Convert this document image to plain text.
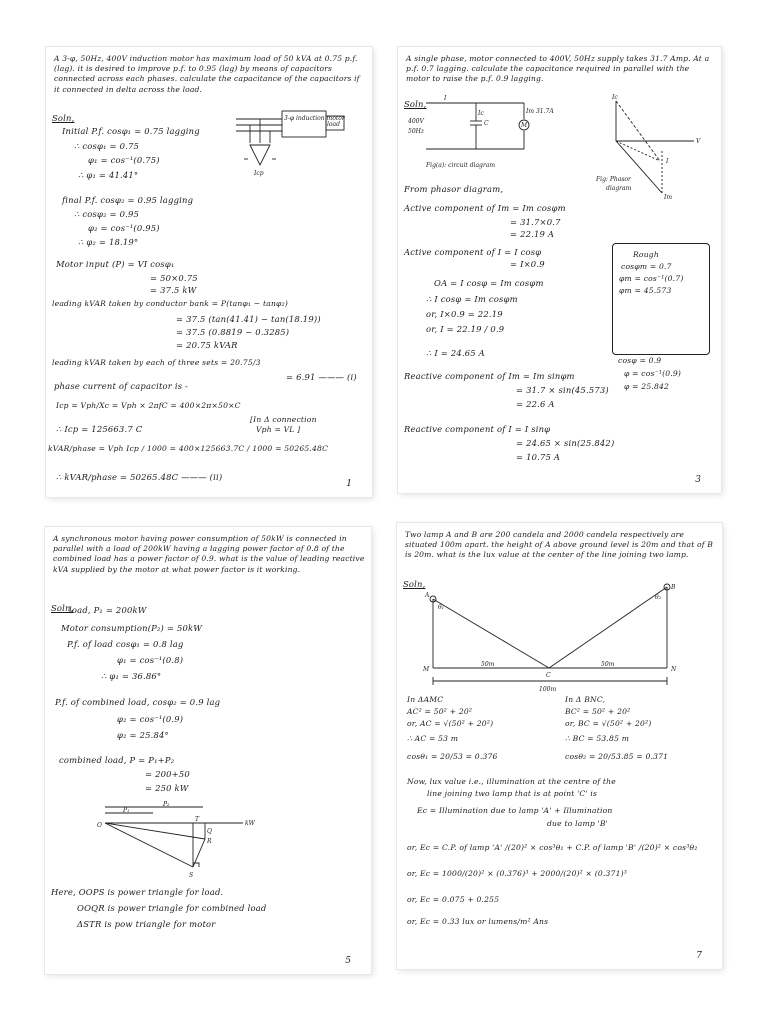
A 3-φ, 50Hz, 400V induction motor has maximum load of 50 kVA at 0.75 p.f.(lag). it is desired to improve p.f. to 0.95 (lag) by means of capacitors connected across each phases. calculate the capacitance of the capacitors if it connected in delta across the load.
Soln,
Initial P.f. cosφ₁ = 0.75 lagging
∴ cosφ₁ = 0.75
φ₁ = cos⁻¹(0.75)
∴ φ₁ = 41.41°
final P.f. cosφ₂ = 0.95 lagging
∴ cosφ₂ = 0.95
φ₂ = cos⁻¹(0.95)
∴ φ₂ = 18.19°
Motor input (P) = VI cosφ₁
= 50×0.75
= 37.5 kW
leading kVAR taken by conductor bank = P(tanφ₁ − tanφ₂)
= 37.5 (tan(41.41) − tan(18.19))
= 37.5 (0.8819 − 0.3285)
= 20.75 kVAR
leading kVAR taken by each of three sets = 20.75/3
= 6.91 ——— (i)
phase current of capacitor is -
Icp = Vph/Xc = Vph × 2πfC = 400×2π×50×C
[In Δ connection
Vph = VL ]
∴ Icp = 125663.7 C
kVAR/phase = Vph Icp / 1000 = 400×125663.7C / 1000 = 50265.48C
∴ kVAR/phase = 50265.48C ——— (ii)
3-φ induction motor
load
Icp
1
A single phase, motor connected to 400V, 50Hz supply takes 31.7 Amp. At a p.f. 0.7 lagging. calculate the capacitance required in parallel with the motor to raise the p.f. 0.9 lagging.
Soln,
I
Ic	Im 31.7A
400V
50Hz
C	M
Fig(a): circuit diagram
Ic
V
I
Im
Fig: Phasor
diagram
From phasor diagram,
Active component of Im = Im cosφm
= 31.7×0.7
= 22.19 A
Active component of I = I cosφ
= I×0.9
OA = I cosφ = Im cosφm
∴ I cosφ = Im cosφm
or, I×0.9 = 22.19
or, I = 22.19 / 0.9
∴ I = 24.65 A
Reactive component of Im = Im sinφm
= 31.7 × sin(45.573)
= 22.6 A
Reactive component of I = I sinφ
= 24.65 × sin(25.842)
= 10.75 A
Rough
cosφm = 0.7
φm = cos⁻¹(0.7)
φm = 45.573
cosφ = 0.9
φ = cos⁻¹(0.9)
φ = 25.842
3
A synchronous motor having power consumption of 50kW is connected in parallel with a load of 200kW having a lagging power factor of 0.8 of the combined load has a power factor of 0.9. what is the value of leading reactive kVA supplied by the motor at what power factor is it working.
Soln,
load, P₁ = 200kW
Motor consumption(P₂) = 50kW
P.f. of load cosφ₁ = 0.8 lag
φ₁ = cos⁻¹(0.8)
∴ φ₁ = 36.86°
P.f. of combined load, cosφ₂ = 0.9 lag
φ₂ = cos⁻¹(0.9)
φ₂ = 25.84°
combined load, P = P₁+P₂
= 200+50
= 250 kW
kW
P₁
P₂
O
Q
R
S
T
Here, OOPS is power triangle for load.
OOQR is power triangle for combined load
ΔSTR is pow triangle for motor
5
Two lamp A and B are 200 candela and 2000 candela respectively are situated 100m apart. the height of A above ground level is 20m and that of B is 20m. what is the lux value at the center of the line joining two lamp.
Soln,
A
B
M
C
N
50m	50m
100m
θ₁
θ₂
In ΔAMC
AC² = 50² + 20²
or, AC = √(50² + 20²)
∴ AC = 53 m
cosθ₁ = 20/53 = 0.376
In Δ BNC,
BC² = 50² + 20²
or, BC = √(50² + 20²)
∴ BC = 53.85 m
cosθ₂ = 20/53.85 = 0.371
Now, lux value i.e., illumination at the centre of the
line joining two lamp that is at point 'C' is
Ec = Illumination due to lamp 'A' + Illumination
due to lamp 'B'
or, Ec = C.P. of lamp 'A' /(20)² × cos³θ₁ + C.P. of lamp 'B' /(20)² × cos³θ₂
or, Ec = 1000/(20)² × (0.376)³ + 2000/(20)² × (0.371)³
or, Ec = 0.075 + 0.255
or, Ec = 0.33 lux or lumens/m² Ans
7
